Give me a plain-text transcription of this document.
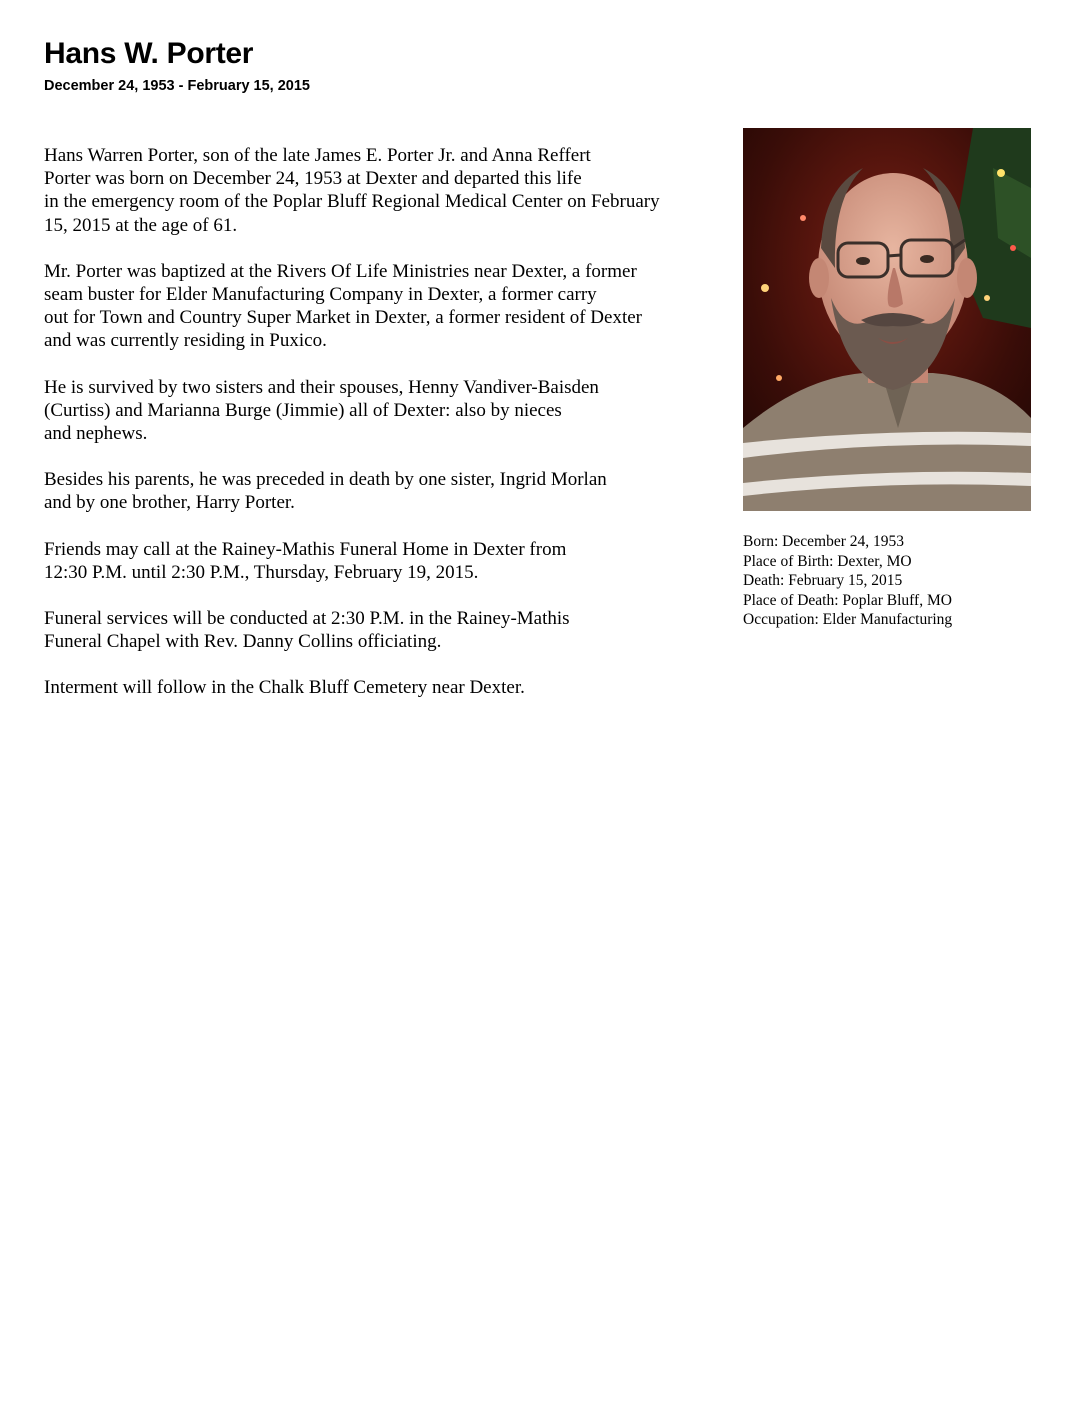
Hans W. Porter
December 24, 1953 - February 15, 2015

Hans Warren Porter, son of the late James E. Porter Jr. and Anna Reffert
Porter was born on December 24, 1953 at Dexter and departed this life
in the emergency room of the Poplar Bluff Regional Medical Center on February
15, 2015 at the age of 61.

Mr. Porter was baptized at the Rivers Of Life Ministries near Dexter, a former
seam buster for Elder Manufacturing Company in Dexter, a former carry
out for Town and Country Super Market in Dexter, a former resident of Dexter
and was currently residing in Puxico.

He is survived by two sisters and their spouses, Henny Vandiver-Baisden
(Curtiss) and Marianna Burge (Jimmie) all of Dexter: also by nieces
and nephews.

Besides his parents, he was preceded in death by one sister, Ingrid Morlan
and by one brother, Harry Porter.

Friends may call at the Rainey-Mathis Funeral Home in Dexter from
12:30 P.M. until 2:30 P.M., Thursday, February 19, 2015.

Funeral services will be conducted at 2:30 P.M. in the Rainey-Mathis
Funeral Chapel with Rev. Danny Collins officiating.

Interment will follow in the Chalk Bluff Cemetery near Dexter.

Born: December 24, 1953
Place of Birth: Dexter, MO
Death: February 15, 2015
Place of Death: Poplar Bluff, MO
Occupation: Elder Manufacturing
